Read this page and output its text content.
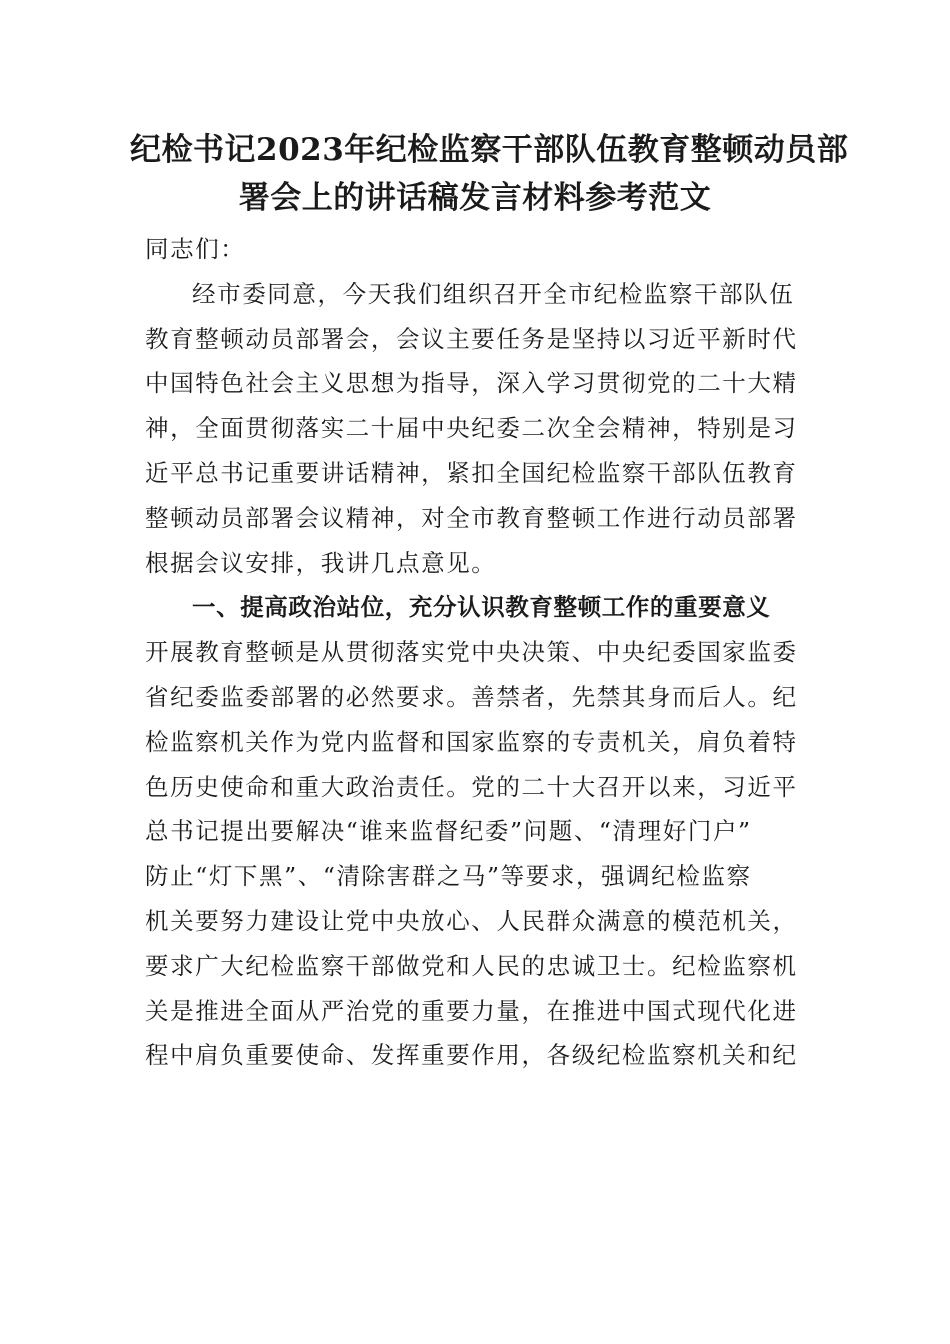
纪检书记2023年纪检监察干部队伍教育整顿动员部
署会上的讲话稿发言材料参考范文
同志们：
经市委同意，今天我们组织召开全市纪检监察干部队伍
教育整顿动员部署会，会议主要任务是坚持以习近平新时代
中国特色社会主义思想为指导，深入学习贯彻党的二十大精
神，全面贯彻落实二十届中央纪委二次全会精神，特别是习
近平总书记重要讲话精神，紧扣全国纪检监察干部队伍教育
整顿动员部署会议精神，对全市教育整顿工作进行动员部署
根据会议安排，我讲几点意见。
一、提高政治站位，充分认识教育整顿工作的重要意义
开展教育整顿是从贯彻落实党中央决策、中央纪委国家监委
省纪委监委部署的必然要求。善禁者，先禁其身而后人。纪
检监察机关作为党内监督和国家监察的专责机关，肩负着特
色历史使命和重大政治责任。党的二十大召开以来，习近平
总书记提出要解决“谁来监督纪委”问题、“清理好门户”
防止“灯下黑”、“清除害群之马”等要求，强调纪检监察
机关要努力建设让党中央放心、人民群众满意的模范机关，
要求广大纪检监察干部做党和人民的忠诚卫士。纪检监察机
关是推进全面从严治党的重要力量，在推进中国式现代化进
程中肩负重要使命、发挥重要作用，各级纪检监察机关和纪
